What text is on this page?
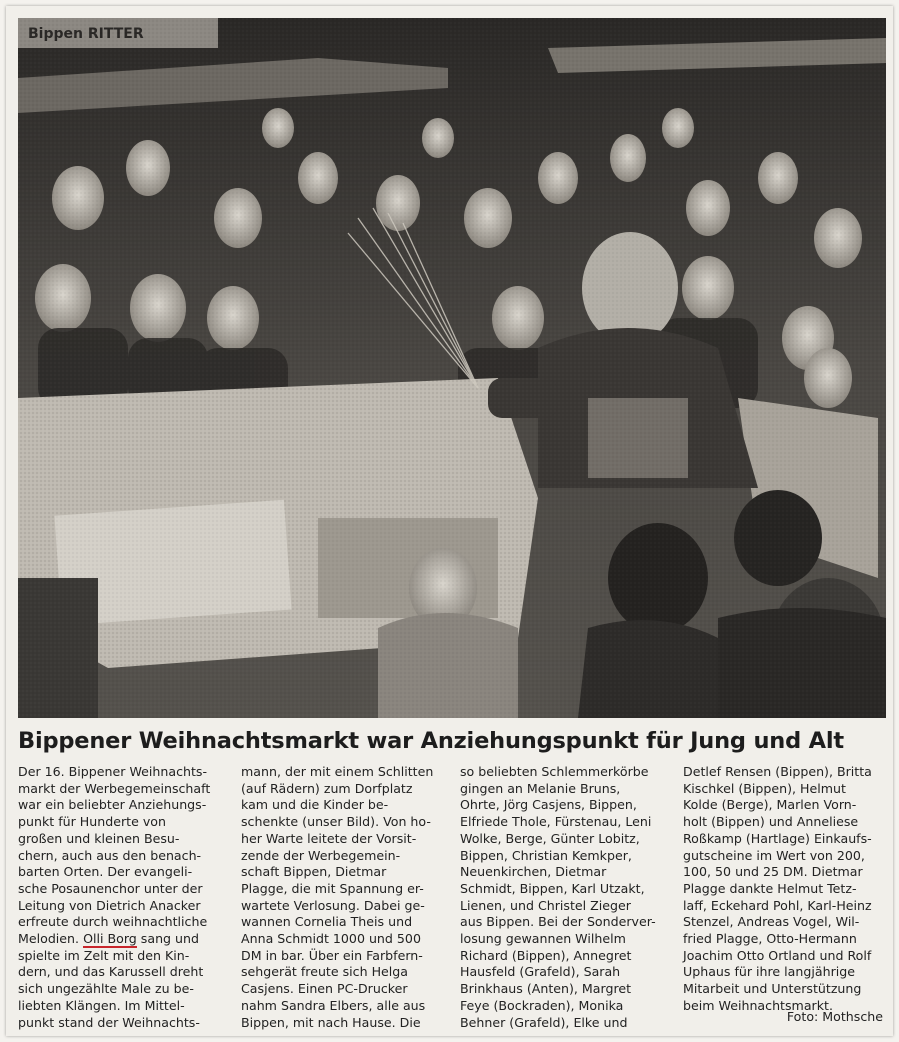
Bippener Weihnachtsmarkt war Anziehungspunkt für Jung und Alt
Der 16. Bippener Weihnachts-
markt der Werbegemeinschaft
war ein beliebter Anziehungs-
punkt für Hunderte von
großen und kleinen Besu-
chern, auch aus den benach-
barten Orten. Der evangeli-
sche Posaunenchor unter der
Leitung von Dietrich Anacker
erfreute durch weihnachtliche
Melodien. Olli Borg sang und
spielte im Zelt mit den Kin-
dern, und das Karussell dreht
sich ungezählte Male zu be-
liebten Klängen. Im Mittel-
punkt stand der Weihnachts-
mann, der mit einem Schlitten
(auf Rädern) zum Dorfplatz
kam und die Kinder be-
schenkte (unser Bild). Von ho-
her Warte leitete der Vorsit-
zende der Werbegemein-
schaft Bippen, Dietmar
Plagge, die mit Spannung er-
wartete Verlosung. Dabei ge-
wannen Cornelia Theis und
Anna Schmidt 1000 und 500
DM in bar. Über ein Farbfern-
sehgerät freute sich Helga
Casjens. Einen PC-Drucker
nahm Sandra Elbers, alle aus
Bippen, mit nach Hause. Die
so beliebten Schlemmerkörbe
gingen an Melanie Bruns,
Ohrte, Jörg Casjens, Bippen,
Elfriede Thole, Fürstenau, Leni
Wolke, Berge, Günter Lobitz,
Bippen, Christian Kemkper,
Neuenkirchen, Dietmar
Schmidt, Bippen, Karl Utzakt,
Lienen, und Christel Zieger
aus Bippen. Bei der Sonderver-
losung gewannen Wilhelm
Richard (Bippen), Annegret
Hausfeld (Grafeld), Sarah
Brinkhaus (Anten), Margret
Feye (Bockraden), Monika
Behner (Grafeld), Elke und
Detlef Rensen (Bippen), Britta
Kischkel (Bippen), Helmut
Kolde (Berge), Marlen Vorn-
holt (Bippen) und Anneliese
Roßkamp (Hartlage) Einkaufs-
gutscheine im Wert von 200,
100, 50 und 25 DM. Dietmar
Plagge dankte Helmut Tetz-
laff, Eckehard Pohl, Karl-Heinz
Stenzel, Andreas Vogel, Wil-
fried Plagge, Otto-Hermann
Joachim Otto Ortland und Rolf
Uphaus für ihre langjährige
Mitarbeit und Unterstützung
beim Weihnachtsmarkt.
Foto: Mothsche
